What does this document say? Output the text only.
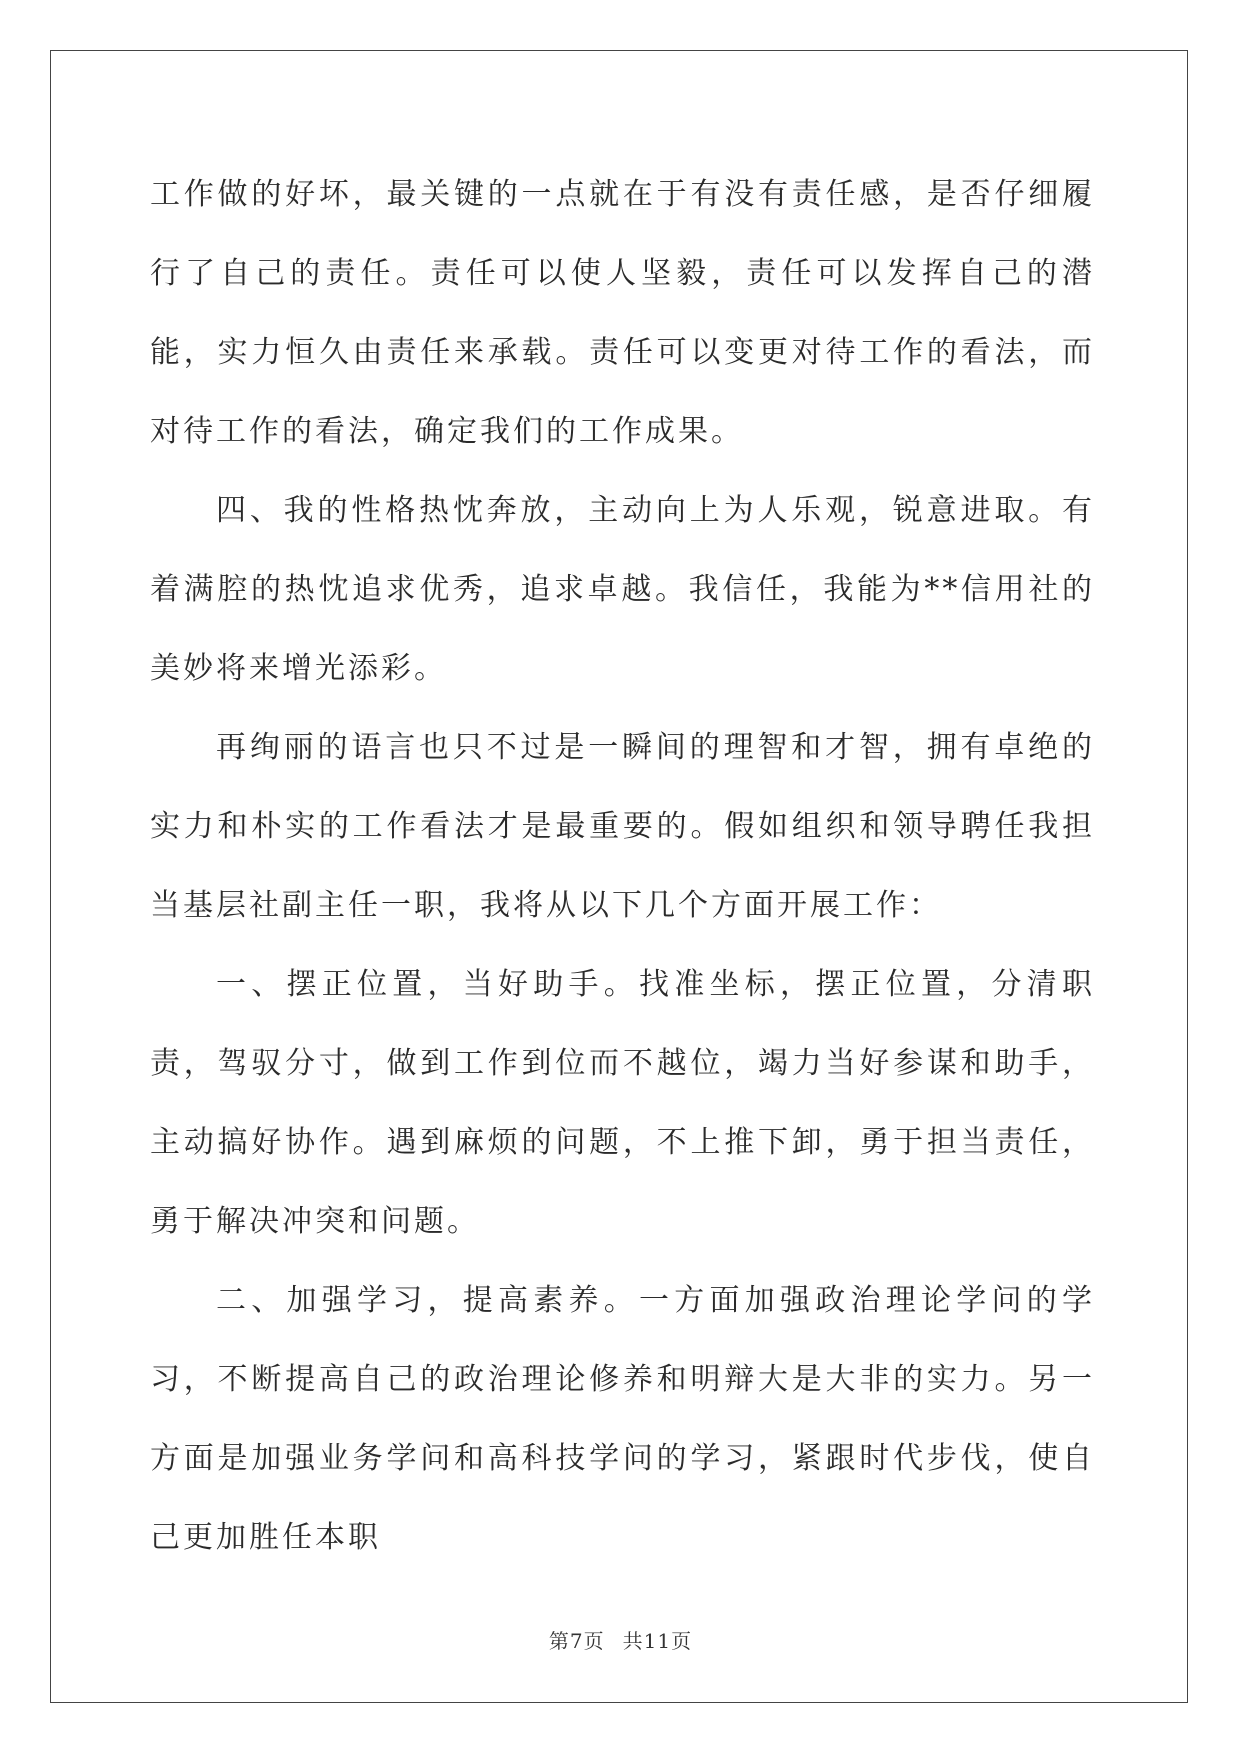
工作做的好坏，最关键的一点就在于有没有责任感，是否仔细履行了自己的责任。责任可以使人坚毅，责任可以发挥自己的潜能，实力恒久由责任来承载。责任可以变更对待工作的看法，而对待工作的看法，确定我们的工作成果。

四、我的性格热忱奔放，主动向上为人乐观，锐意进取。有着满腔的热忱追求优秀，追求卓越。我信任，我能为**信用社的美妙将来增光添彩。

再绚丽的语言也只不过是一瞬间的理智和才智，拥有卓绝的实力和朴实的工作看法才是最重要的。假如组织和领导聘任我担当基层社副主任一职，我将从以下几个方面开展工作：

一、摆正位置，当好助手。找准坐标，摆正位置，分清职责，驾驭分寸，做到工作到位而不越位，竭力当好参谋和助手，主动搞好协作。遇到麻烦的问题，不上推下卸，勇于担当责任，勇于解决冲突和问题。

二、加强学习，提高素养。一方面加强政治理论学问的学习，不断提高自己的政治理论修养和明辩大是大非的实力。另一方面是加强业务学问和高科技学问的学习，紧跟时代步伐，使自己更加胜任本职

第7页 共11页
